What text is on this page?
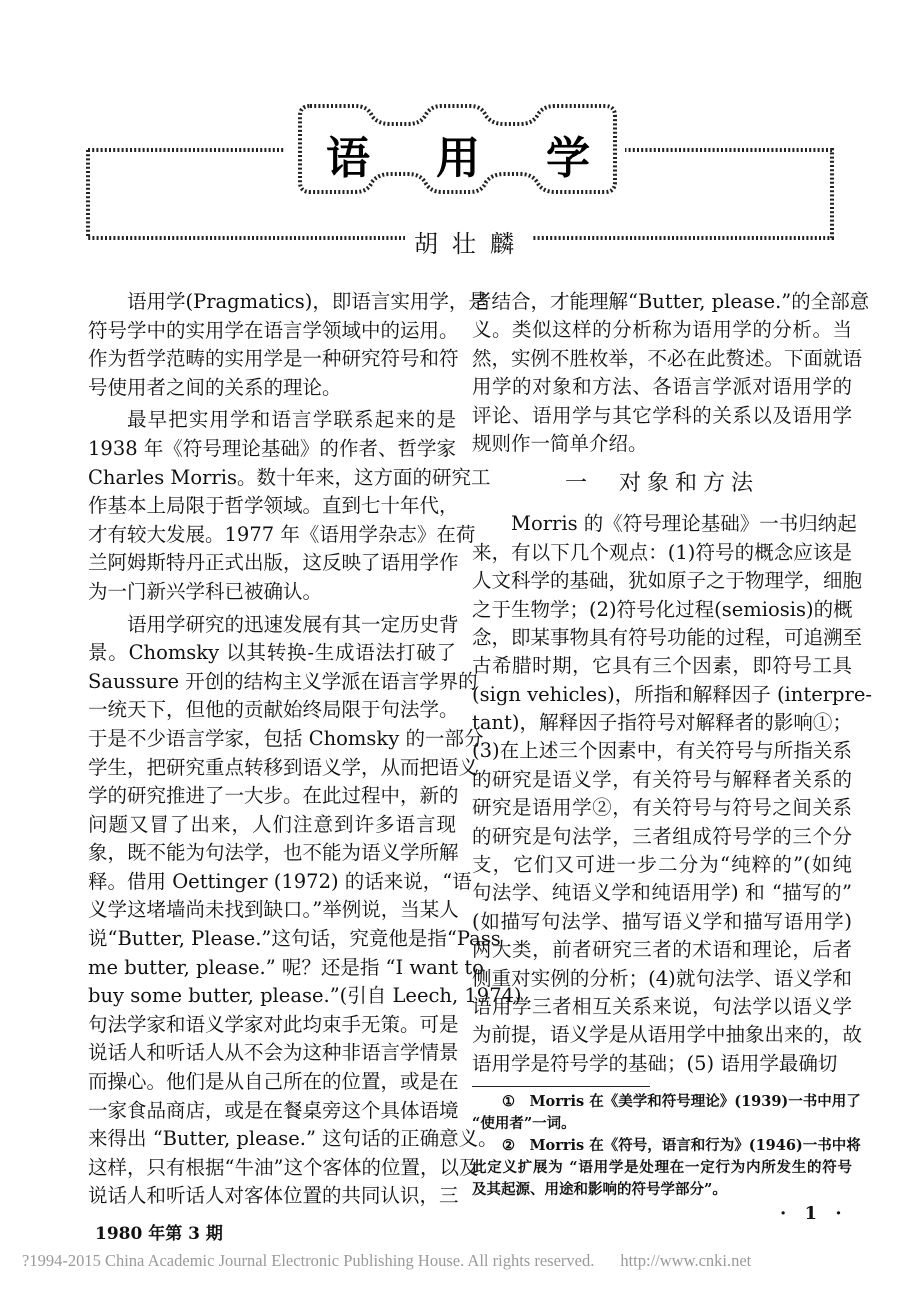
语 用 学
胡壮麟
语用学(Pragmatics)，即语言实用学，是
符号学中的实用学在语言学领域中的运用。
作为哲学范畴的实用学是一种研究符号和符
号使用者之间的关系的理论。
最早把实用学和语言学联系起来的是
1938 年《符号理论基础》的作者、哲学家
Charles Morris。数十年来，这方面的研究工
作基本上局限于哲学领域。直到七十年代，
才有较大发展。1977 年《语用学杂志》在荷
兰阿姆斯特丹正式出版，这反映了语用学作
为一门新兴学科已被确认。
语用学研究的迅速发展有其一定历史背
景。Chomsky 以其转换-生成语法打破了
Saussure 开创的结构主义学派在语言学界的
一统天下，但他的贡献始终局限于句法学。
于是不少语言学家，包括 Chomsky 的一部分
学生，把研究重点转移到语义学，从而把语义
学的研究推进了一大步。在此过程中，新的
问题又冒了出来，人们注意到许多语言现
象，既不能为句法学，也不能为语义学所解
释。借用 Oettinger (1972) 的话来说，“语
义学这堵墙尚未找到缺口。”举例说，当某人
说“Butter, Please.”这句话，究竟他是指“Pass
me butter, please.” 呢？还是指 “I want to
buy some butter, please.”(引自 Leech, 1974)
句法学家和语义学家对此均束手无策。可是
说话人和听话人从不会为这种非语言学情景
而操心。他们是从自己所在的位置，或是在
一家食品商店，或是在餐桌旁这个具体语境
来得出 “Butter, please.” 这句话的正确意义。
这样，只有根据“牛油”这个客体的位置，以及
说话人和听话人对客体位置的共同认识，三
者结合，才能理解“Butter, please.”的全部意
义。类似这样的分析称为语用学的分析。当
然，实例不胜枚举，不必在此赘述。下面就语
用学的对象和方法、各语言学派对语用学的
评论、语用学与其它学科的关系以及语用学
规则作一简单介绍。
一 对象和方法
Morris 的《符号理论基础》一书归纳起
来，有以下几个观点：(1)符号的概念应该是
人文科学的基础，犹如原子之于物理学，细胞
之于生物学；(2)符号化过程(semiosis)的概
念，即某事物具有符号功能的过程，可追溯至
古希腊时期，它具有三个因素，即符号工具
(sign vehicles)，所指和解释因子 (interpre-
tant)，解释因子指符号对解释者的影响①；
(3)在上述三个因素中，有关符号与所指关系
的研究是语义学，有关符号与解释者关系的
研究是语用学②，有关符号与符号之间关系
的研究是句法学，三者组成符号学的三个分
支，它们又可进一步二分为“纯粹的”(如纯
句法学、纯语义学和纯语用学) 和 “描写的”
(如描写句法学、描写语义学和描写语用学)
两大类，前者研究三者的术语和理论，后者
侧重对实例的分析；(4)就句法学、语义学和
语用学三者相互关系来说，句法学以语义学
为前提，语义学是从语用学中抽象出来的，故
语用学是符号学的基础；(5) 语用学最确切
①　Morris 在《美学和符号理论》(1939)一书中用了
“使用者”一词。
②　Morris 在《符号，语言和行为》(1946)一书中将
此定义扩展为 “语用学是处理在一定行为内所发生的符号
及其起源、用途和影响的符号学部分”。
1980 年第 3 期
· 1 ·
?1994-2015 China Academic Journal Electronic Publishing House. All rights reserved. http://www.cnki.net
